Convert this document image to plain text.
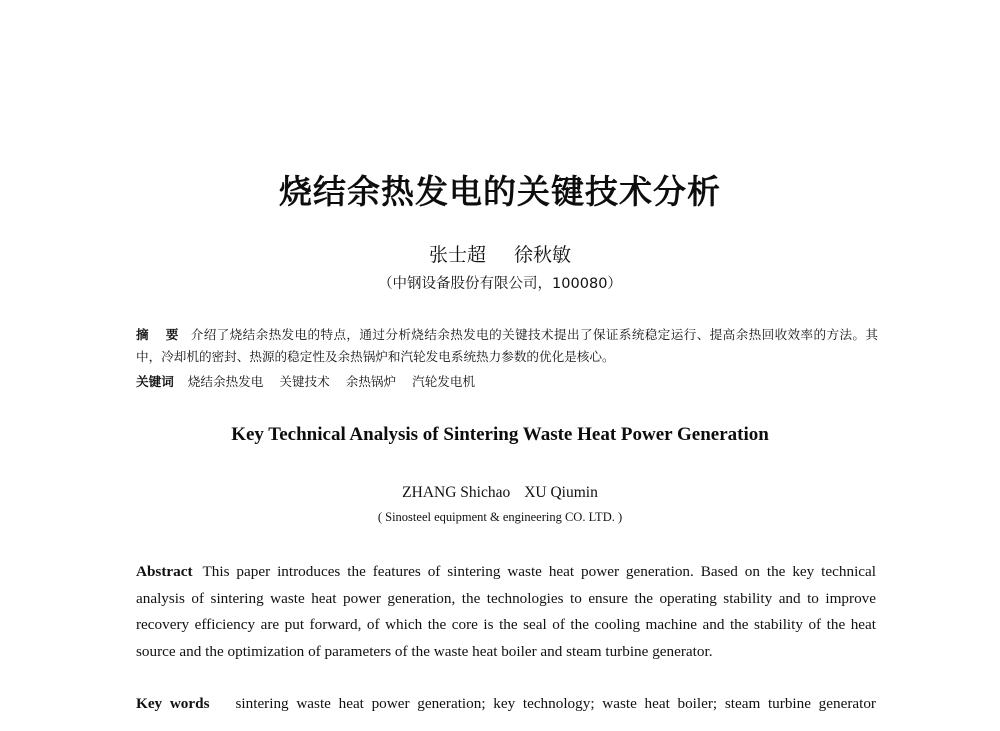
烧结余热发电的关键技术分析
张士超 徐秋敏
（中钢设备股份有限公司，100080）
摘 要 介绍了烧结余热发电的特点，通过分析烧结余热发电的关键技术提出了保证系统稳定运行、提高余热回收效率的方法。其中，冷却机的密封、热源的稳定性及余热锅炉和汽轮发电系统热力参数的优化是核心。
关键词 烧结余热发电 关键技术 余热锅炉 汽轮发电机
Key Technical Analysis of Sintering Waste Heat Power Generation
ZHANG Shichao XU Qiumin
( Sinosteel equipment & engineering CO. LTD. )
Abstract This paper introduces the features of sintering waste heat power generation. Based on the key technical analysis of sintering waste heat power generation, the technologies to ensure the operating stability and to improve recovery efficiency are put forward, of which the core is the seal of the cooling machine and the stability of the heat source and the optimization of parameters of the waste heat boiler and steam turbine generator.
Key words sintering waste heat power generation; key technology; waste heat boiler; steam turbine generator
